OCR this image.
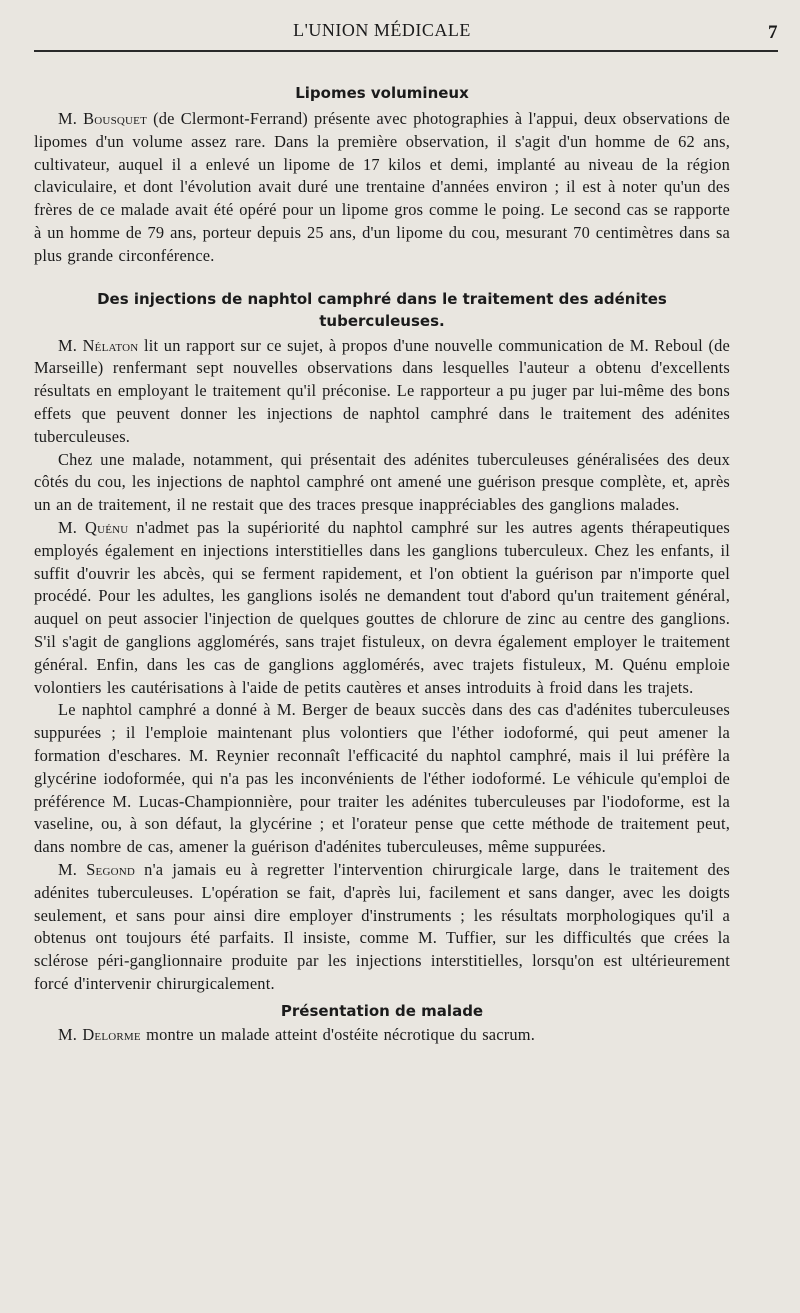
L'UNION MÉDICALE	7
Lipomes volumineux

M. Bousquet (de Clermont-Ferrand) présente avec photographies à l'appui, deux observations de lipomes d'un volume assez rare. Dans la première observation, il s'agit d'un homme de 62 ans, cultivateur, auquel il a enlevé un lipome de 17 kilos et demi, implanté au niveau de la région claviculaire, et dont l'évolution avait duré une trentaine d'années environ ; il est à noter qu'un des frères de ce malade avait été opéré pour un lipome gros comme le poing. Le second cas se rapporte à un homme de 79 ans, porteur depuis 25 ans, d'un lipome du cou, mesurant 70 centimètres dans sa plus grande circonférence.

Des injections de naphtol camphré dans le traitement des adénites tuberculeuses.

M. Nélaton lit un rapport sur ce sujet, à propos d'une nouvelle communication de M. Reboul (de Marseille) renfermant sept nouvelles observations dans lesquelles l'auteur a obtenu d'excellents résultats en employant le traitement qu'il préconise. Le rapporteur a pu juger par lui-même des bons effets que peuvent donner les injections de naphtol camphré dans le traitement des adénites tuberculeuses.

Chez une malade, notamment, qui présentait des adénites tuberculeuses généralisées des deux côtés du cou, les injections de naphtol camphré ont amené une guérison presque complète, et, après un an de traitement, il ne restait que des traces presque inappréciables des ganglions malades.

M. Quénu n'admet pas la supériorité du naphtol camphré sur les autres agents thérapeutiques employés également en injections interstitielles dans les ganglions tuberculeux. Chez les enfants, il suffit d'ouvrir les abcès, qui se ferment rapidement, et l'on obtient la guérison par n'importe quel procédé. Pour les adultes, les ganglions isolés ne demandent tout d'abord qu'un traitement général, auquel on peut associer l'injection de quelques gouttes de chlorure de zinc au centre des ganglions. S'il s'agit de ganglions agglomérés, sans trajet fistuleux, on devra également employer le traitement général. Enfin, dans les cas de ganglions agglomérés, avec trajets fistuleux, M. Quénu emploie volontiers les cautérisations à l'aide de petits cautères et anses introduits à froid dans les trajets.

Le naphtol camphré a donné à M. Berger de beaux succès dans des cas d'adénites tuberculeuses suppurées ; il l'emploie maintenant plus volontiers que l'éther iodoformé, qui peut amener la formation d'eschares. M. Reynier reconnaît l'efficacité du naphtol camphré, mais il lui préfère la glycérine iodoformée, qui n'a pas les inconvénients de l'éther iodoformé. Le véhicule qu'emploi de préférence M. Lucas-Championnière, pour traiter les adénites tuberculeuses par l'iodoforme, est la vaseline, ou, à son défaut, la glycérine ; et l'orateur pense que cette méthode de traitement peut, dans nombre de cas, amener la guérison d'adénites tuberculeuses, même suppurées.

M. Segond n'a jamais eu à regretter l'intervention chirurgicale large, dans le traitement des adénites tuberculeuses. L'opération se fait, d'après lui, facilement et sans danger, avec les doigts seulement, et sans pour ainsi dire employer d'instruments ; les résultats morphologiques qu'il a obtenus ont toujours été parfaits. Il insiste, comme M. Tuffier, sur les difficultés que crées la sclérose péri-ganglionnaire produite par les injections interstitielles, lorsqu'on est ultérieurement forcé d'intervenir chirurgicalement.

Présentation de malade

M. Delorme montre un malade atteint d'ostéite nécrotique du sacrum.
